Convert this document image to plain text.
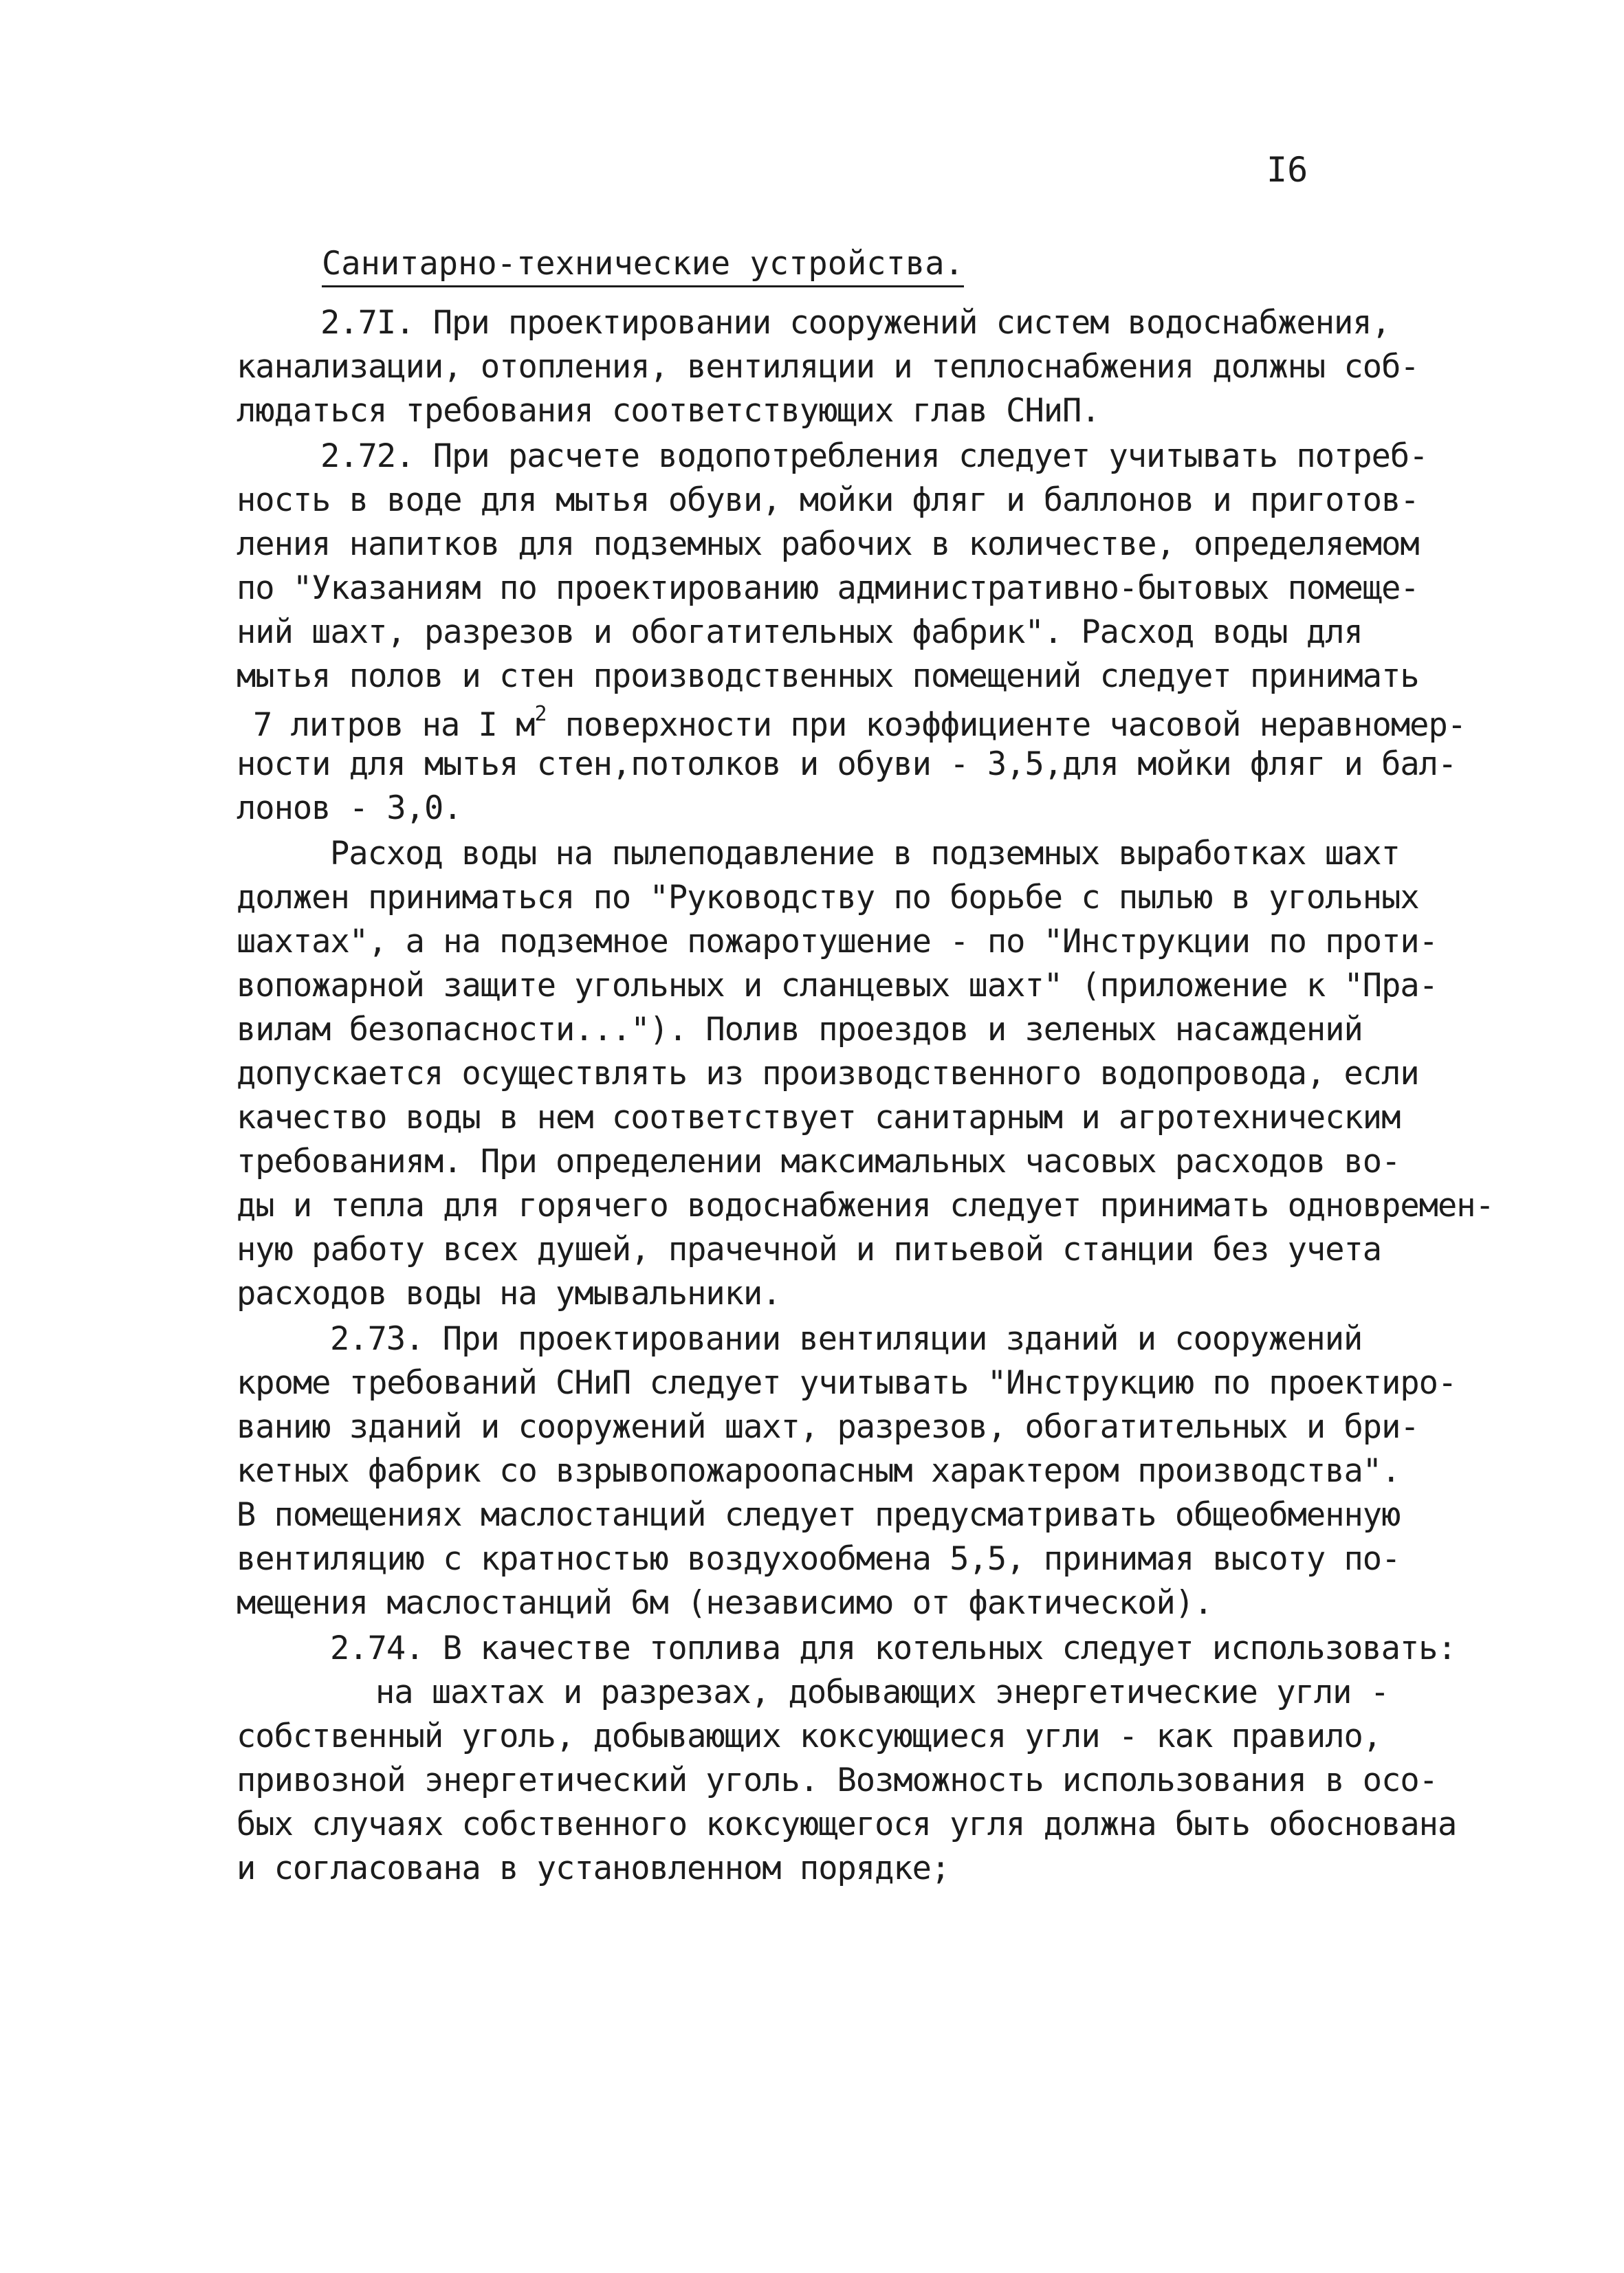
I6
Санитарно-технические устройства.
2.7I. При проектировании сооружений систем водоснабжения,
канализации, отопления, вентиляции и теплоснабжения должны соб-
людаться требования соответствующих глав СНиП.
2.72. При расчете водопотребления следует учитывать потреб-
ность в воде для мытья обуви, мойки фляг и баллонов и приготов-
ления напитков для подземных рабочих в количестве, определяемом
по "Указаниям по проектированию административно-бытовых помеще-
ний шахт, разрезов и обогатительных фабрик". Расход воды для
мытья полов и стен производственных помещений следует принимать
7 литров на I $м^2$ поверхности при коэффициенте часовой неравномер-
ности для мытья стен,потолков и обуви - 3,5,для мойки фляг и бал-
лонов - 3,0.
Расход воды на пылеподавление в подземных выработках шахт
должен приниматься по "Руководству по борьбе с пылью в угольных
шахтах", а на подземное пожаротушение - по "Инструкции по проти-
вопожарной защите угольных и сланцевых шахт" (приложение к "Пра-
вилам безопасности..."). Полив проездов и зеленых насаждений
допускается осуществлять из производственного водопровода, если
качество воды в нем соответствует санитарным и агротехническим
требованиям. При определении максимальных часовых расходов во-
ды и тепла для горячего водоснабжения следует принимать одновремен-
ную работу всех душей, прачечной и питьевой станции без учета
расходов воды на умывальники.
2.73. При проектировании вентиляции зданий и сооружений
кроме требований СНиП следует учитывать "Инструкцию по проектиро-
ванию зданий и сооружений шахт, разрезов, обогатительных и бри-
кетных фабрик со взрывопожароопасным характером производства".
В помещениях маслостанций следует предусматривать общеобменную
вентиляцию с кратностью воздухообмена 5,5, принимая высоту по-
мещения маслостанций 6м (независимо от фактической).
2.74. В качестве топлива для котельных следует использовать:
на шахтах и разрезах, добывающих энергетические угли -
собственный уголь, добывающих коксующиеся угли - как правило,
привозной энергетический уголь. Возможность использования в осо-
бых случаях собственного коксующегося угля должна быть обоснована
и согласована в установленном порядке;
